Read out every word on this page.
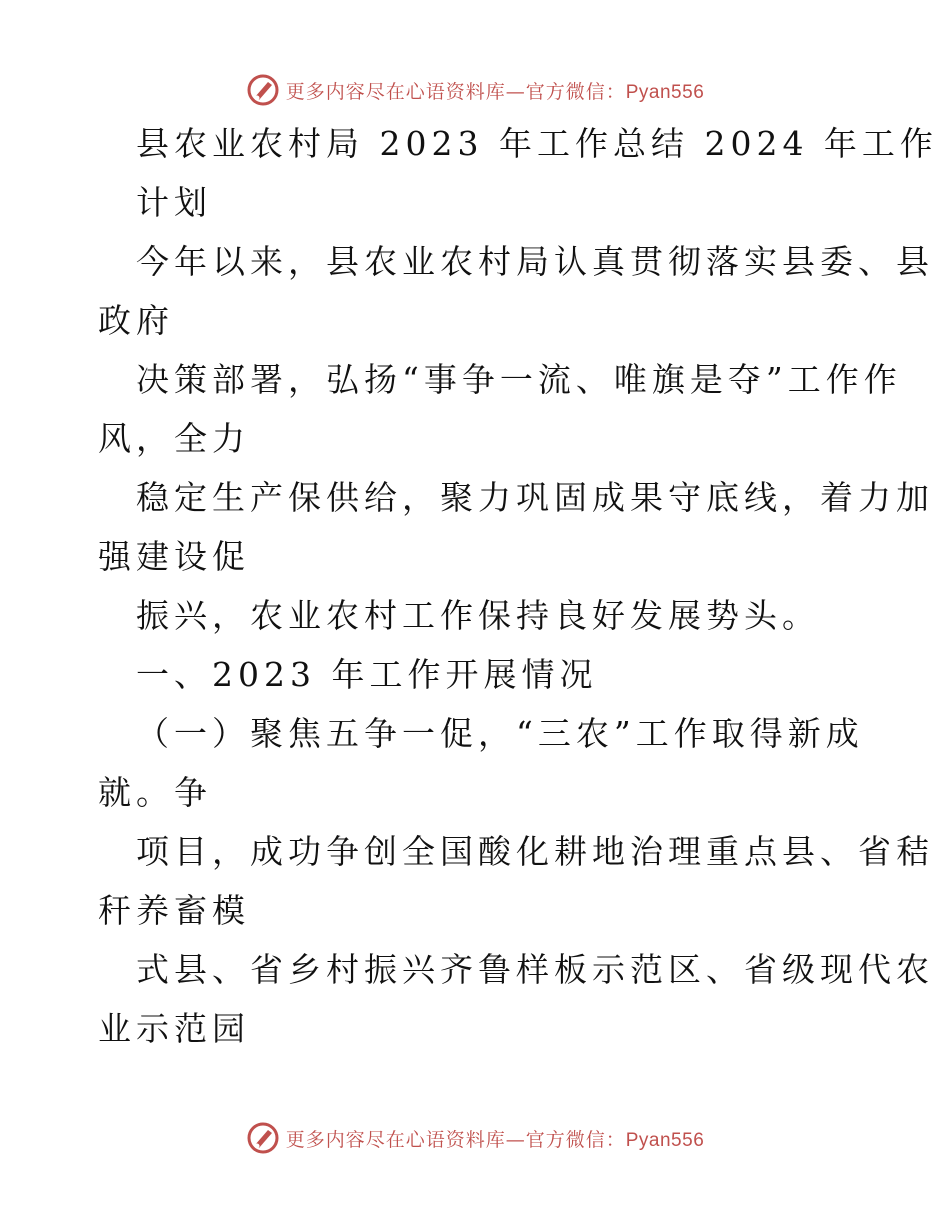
更多内容尽在心语资料库—官方微信：Pyan556
县农业农村局 2023 年工作总结 2024 年工作
计划
今年以来，县农业农村局认真贯彻落实县委、县
政府
决策部署，弘扬“事争一流、唯旗是夺”工作作
风，全力
稳定生产保供给，聚力巩固成果守底线，着力加
强建设促
振兴，农业农村工作保持良好发展势头。
一、2023 年工作开展情况
（一）聚焦五争一促，“三农”工作取得新成
就。争
项目，成功争创全国酸化耕地治理重点县、省秸
秆养畜模
式县、省乡村振兴齐鲁样板示范区、省级现代农
业示范园
更多内容尽在心语资料库—官方微信：Pyan556
